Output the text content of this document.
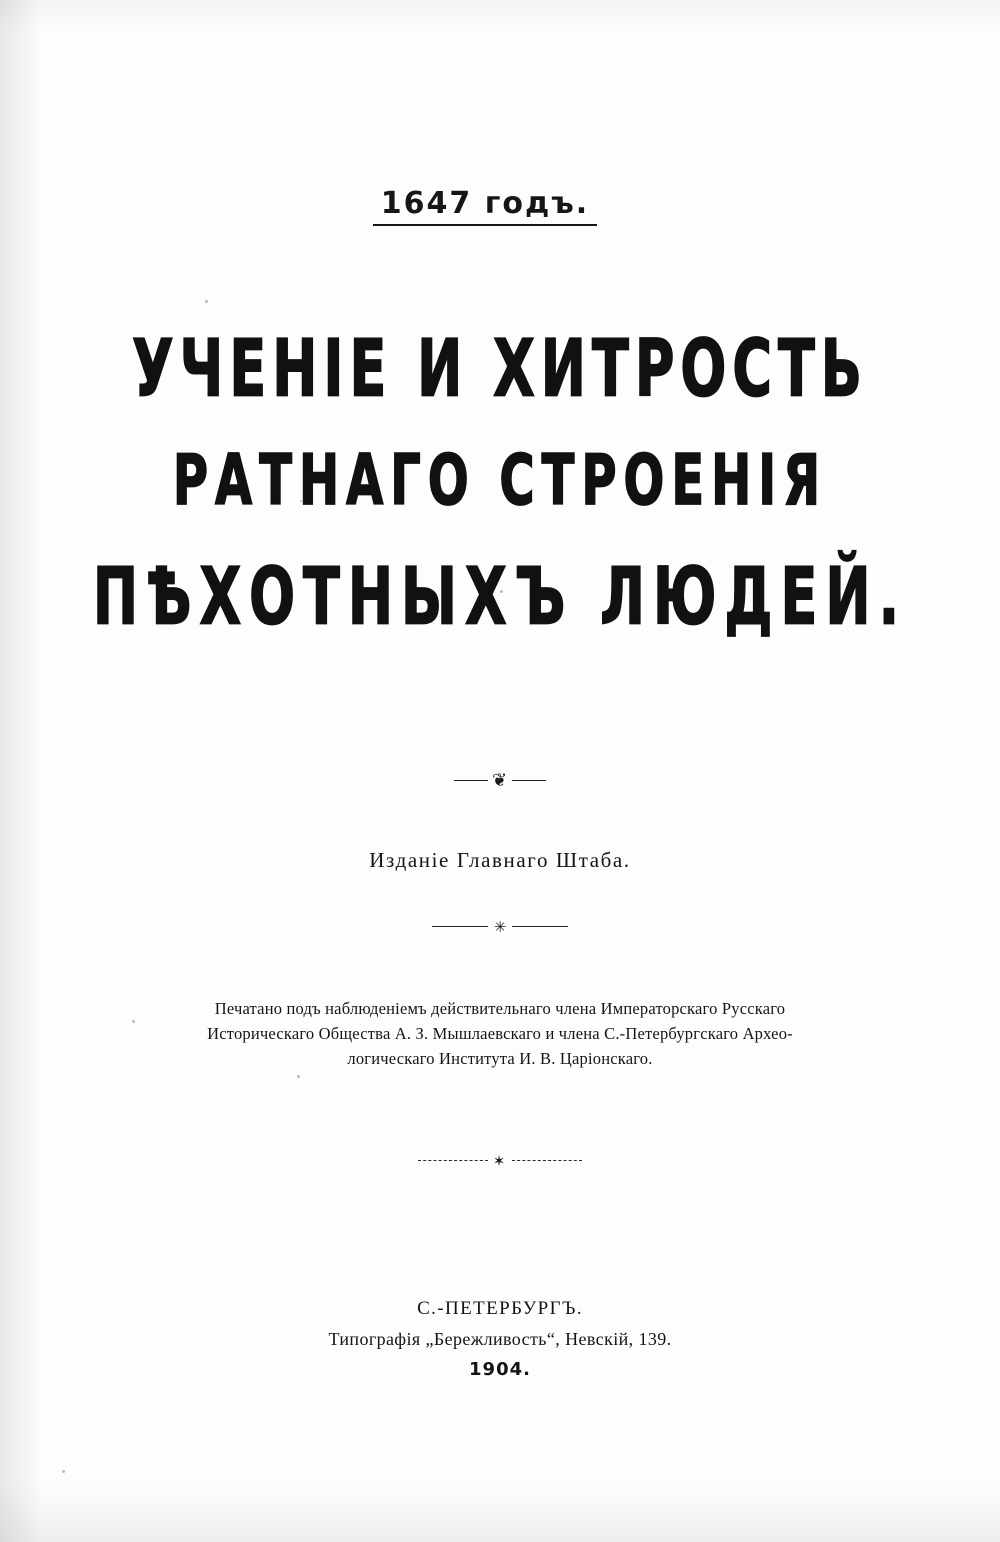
1647 годъ.
УЧЕНІЕ И ХИТРОСТЬ
РАТНАГО СТРОЕНІЯ
ПѢХОТНЫХЪ ЛЮДЕЙ.
❦
Изданіе Главнаго Штаба.
✳
Печатано подъ наблюденіемъ действительнаго члена Императорскаго Русскаго
Историческаго Общества А. З. Мышлаевскаго и члена С.-Петербургскаго Архео-
логическаго Института И. В. Царіонскаго.
✶
С.-ПЕТЕРБУРГЪ.
Типографія „Бережливость“, Невскій, 139.
1904.
